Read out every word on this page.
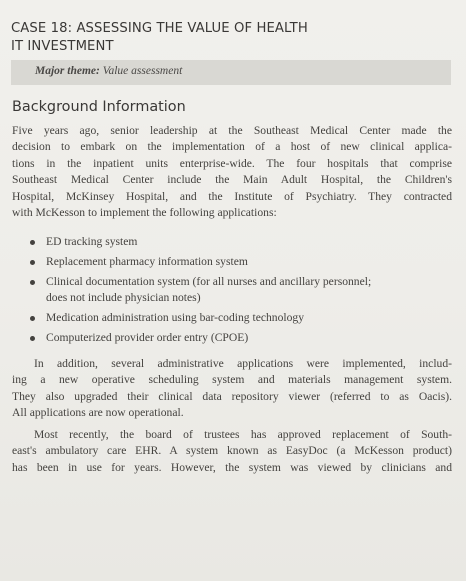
CASE 18: ASSESSING THE VALUE OF HEALTH
IT INVESTMENT
Major theme: Value assessment
Background Information
Five years ago, senior leadership at the Southeast Medical Center made the
decision to embark on the implementation of a host of new clinical applica-
tions in the inpatient units enterprise-wide. The four hospitals that comprise
Southeast Medical Center include the Main Adult Hospital, the Children's
Hospital, McKinsey Hospital, and the Institute of Psychiatry. They contracted
with McKesson to implement the following applications:
ED tracking system
Replacement pharmacy information system
Clinical documentation system (for all nurses and ancillary personnel;
does not include physician notes)
Medication administration using bar-coding technology
Computerized provider order entry (CPOE)
In addition, several administrative applications were implemented, includ-
ing a new operative scheduling system and materials management system.
They also upgraded their clinical data repository viewer (referred to as Oacis).
All applications are now operational.
Most recently, the board of trustees has approved replacement of South-
east's ambulatory care EHR. A system known as EasyDoc (a McKesson product)
has been in use for years. However, the system was viewed by clinicians and
